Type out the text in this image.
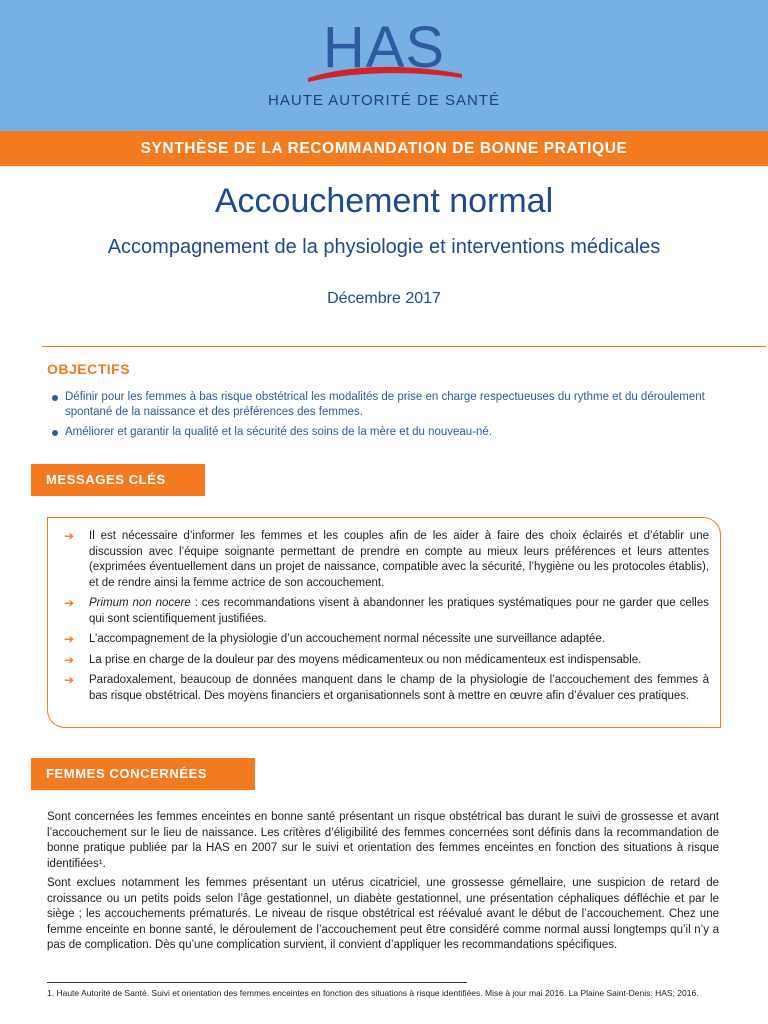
HAS
HAUTE AUTORITÉ DE SANTÉ
SYNTHÈSE DE LA RECOMMANDATION DE BONNE PRATIQUE
Accouchement normal
Accompagnement de la physiologie et interventions médicales
Décembre 2017
OBJECTIFS
Définir pour les femmes à bas risque obstétrical les modalités de prise en charge respectueuses du rythme et du déroulement spontané de la naissance et des préférences des femmes.
Améliorer et garantir la qualité et la sécurité des soins de la mère et du nouveau-né.
MESSAGES CLÉS
➔ Il est nécessaire d’informer les femmes et les couples afin de les aider à faire des choix éclairés et d’établir une discussion avec l’équipe soignante permettant de prendre en compte au mieux leurs préférences et leurs attentes (exprimées éventuellement dans un projet de naissance, compatible avec la sécurité, l’hygiène ou les protocoles établis), et de rendre ainsi la femme actrice de son accouchement.
➔ Primum non nocere : ces recommandations visent à abandonner les pratiques systématiques pour ne garder que celles qui sont scientifiquement justifiées.
➔ L’accompagnement de la physiologie d’un accouchement normal nécessite une surveillance adaptée.
➔ La prise en charge de la douleur par des moyens médicamenteux ou non médicamenteux est indispensable.
➔ Paradoxalement, beaucoup de données manquent dans le champ de la physiologie de l’accouchement des femmes à bas risque obstétrical. Des moyens financiers et organisationnels sont à mettre en œuvre afin d’évaluer ces pratiques.
FEMMES CONCERNÉES

Sont concernées les femmes enceintes en bonne santé présentant un risque obstétrical bas durant le suivi de grossesse et avant l’accouchement sur le lieu de naissance. Les critères d’éligibilité des femmes concernées sont définis dans la recommandation de bonne pratique publiée par la HAS en 2007 sur le suivi et orientation des femmes enceintes en fonction des situations à risque identifiées¹.

Sont exclues notamment les femmes présentant un utérus cicatriciel, une grossesse gémellaire, une suspicion de retard de croissance ou un petits poids selon l’âge gestationnel, un diabète gestationnel, une présentation céphaliques défléchie et par le siège ; les accouchements prématurés. Le niveau de risque obstétrical est réévalué avant le début de l’accouchement. Chez une femme enceinte en bonne santé, le déroulement de l’accouchement peut être considéré comme normal aussi longtemps qu’il n’y a pas de complication. Dès qu’une complication survient, il convient d’appliquer les recommandations spécifiques.

1. Haute Autorité de Santé. Suivi et orientation des femmes enceintes en fonction des situations à risque identifiées. Mise à jour mai 2016. La Plaine Saint-Denis: HAS; 2016.
